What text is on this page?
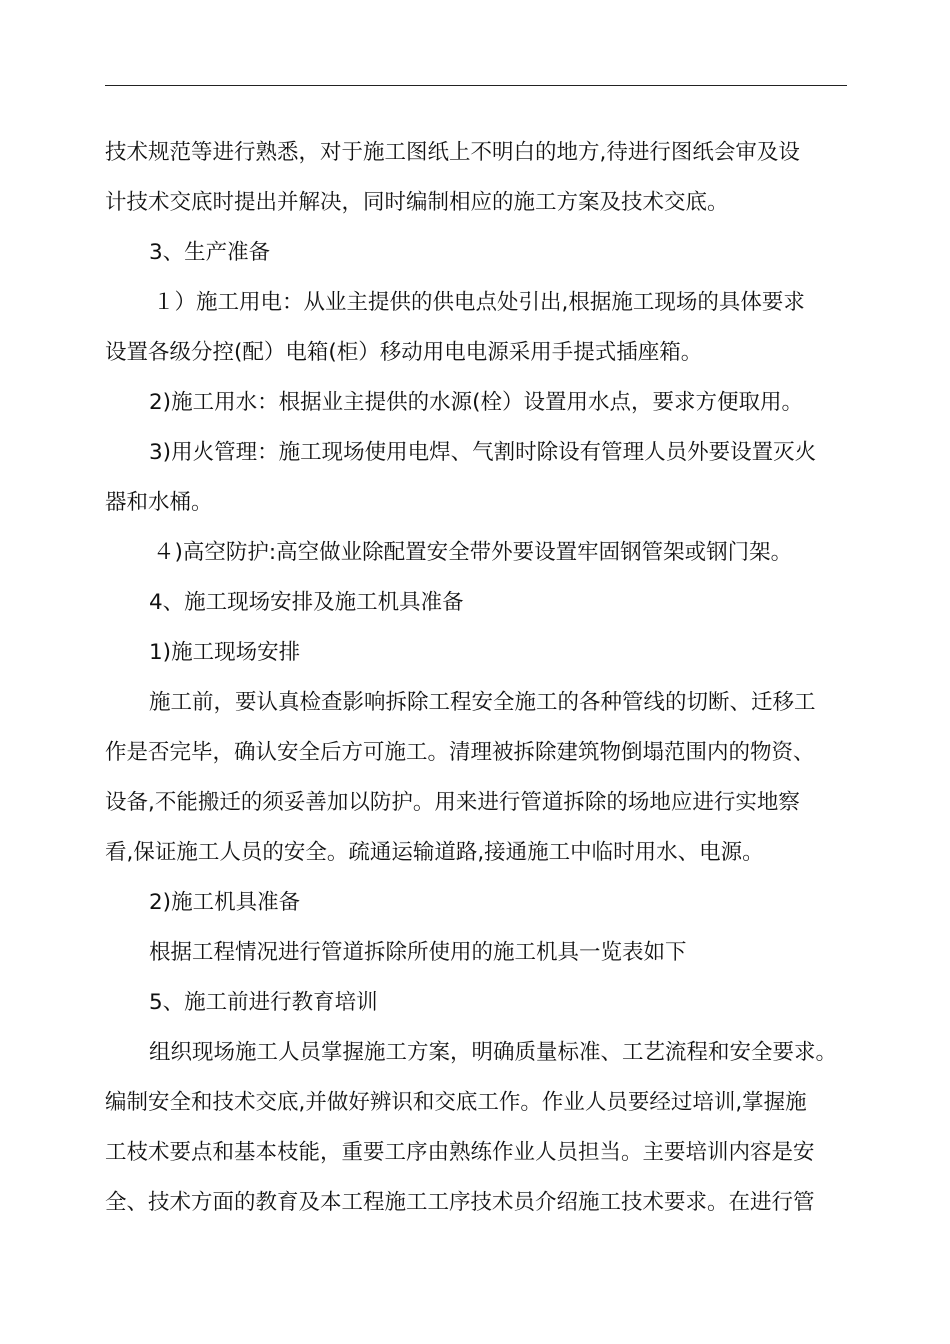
技术规范等进行熟悉，对于施工图纸上不明白的地方,待进行图纸会审及设
计技术交底时提出并解决，同时编制相应的施工方案及技术交底。
3、生产准备
１）施工用电：从业主提供的供电点处引出,根据施工现场的具体要求
设置各级分控(配）电箱(柜）移动用电电源采用手提式插座箱。
2)施工用水：根据业主提供的水源(栓）设置用水点，要求方便取用。
3)用火管理：施工现场使用电焊、气割时除设有管理人员外要设置灭火
器和水桶。
４)高空防护:高空做业除配置安全带外要设置牢固钢管架或钢门架。
4、施工现场安排及施工机具准备
1)施工现场安排
施工前，要认真检查影响拆除工程安全施工的各种管线的切断、迁移工
作是否完毕，确认安全后方可施工。清理被拆除建筑物倒塌范围内的物资、
设备,不能搬迁的须妥善加以防护。用来进行管道拆除的场地应进行实地察
看,保证施工人员的安全。疏通运输道路,接通施工中临时用水、电源。
2)施工机具准备
根据工程情况进行管道拆除所使用的施工机具一览表如下
5、施工前进行教育培训
组织现场施工人员掌握施工方案，明确质量标准、工艺流程和安全要求。
编制安全和技术交底,并做好辨识和交底工作。作业人员要经过培训,掌握施
工枝术要点和基本枝能，重要工序由熟练作业人员担当。主要培训内容是安
全、技术方面的教育及本工程施工工序技术员介绍施工技术要求。在进行管
